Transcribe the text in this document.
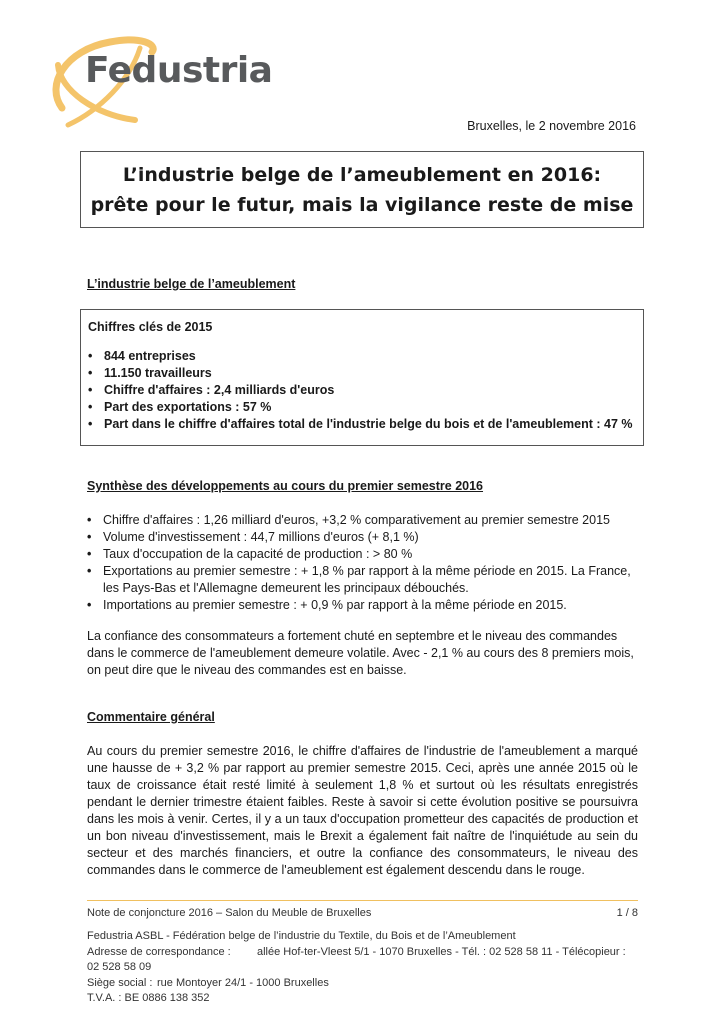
Fedustria
Bruxelles, le 2 novembre 2016
L’industrie belge de l’ameublement en 2016:
prête pour le futur, mais la vigilance reste de mise
L’industrie belge de l’ameublement
Chiffres clés de 2015
• 844 entreprises
• 11.150 travailleurs
• Chiffre d'affaires : 2,4 milliards d'euros
• Part des exportations : 57 %
• Part dans le chiffre d'affaires total de l'industrie belge du bois et de l'ameublement : 47 %
Synthèse des développements au cours du premier semestre 2016
• Chiffre d'affaires : 1,26 milliard d'euros, +3,2 % comparativement au premier semestre 2015
• Volume d'investissement : 44,7 millions d'euros (+ 8,1 %)
• Taux d'occupation de la capacité de production : > 80 %
• Exportations au premier semestre : + 1,8 % par rapport à la même période en 2015. La France, les Pays-Bas et l'Allemagne demeurent les principaux débouchés.
• Importations au premier semestre : + 0,9 % par rapport à la même période en 2015.
La confiance des consommateurs a fortement chuté en septembre et le niveau des commandes dans le commerce de l'ameublement demeure volatile. Avec - 2,1 % au cours des 8 premiers mois, on peut dire que le niveau des commandes est en baisse.
Commentaire général
Au cours du premier semestre 2016, le chiffre d'affaires de l'industrie de l'ameublement a marqué une hausse de + 3,2 % par rapport au premier semestre 2015. Ceci, après une année 2015 où le taux de croissance était resté limité à seulement 1,8 % et surtout où les résultats enregistrés pendant le dernier trimestre étaient faibles. Reste à savoir si cette évolution positive se poursuivra dans les mois à venir. Certes, il y a un taux d'occupation prometteur des capacités de production et un bon niveau d'investissement, mais le Brexit a également fait naître de l'inquiétude au sein du secteur et des marchés financiers, et outre la confiance des consommateurs, le niveau des commandes dans le commerce de l'ameublement est également descendu dans le rouge.
Note de conjoncture 2016 – Salon du Meuble de Bruxelles	1 / 8
Fedustria ASBL - Fédération belge de l’industrie du Textile, du Bois et de l’Ameublement
Adresse de correspondance : allée Hof-ter-Vleest 5/1 - 1070 Bruxelles - Tél. : 02 528 58 11 - Télécopieur : 02 528 58 09
Siège social : rue Montoyer 24/1 - 1000 Bruxelles
T.V.A. : BE 0886 138 352
